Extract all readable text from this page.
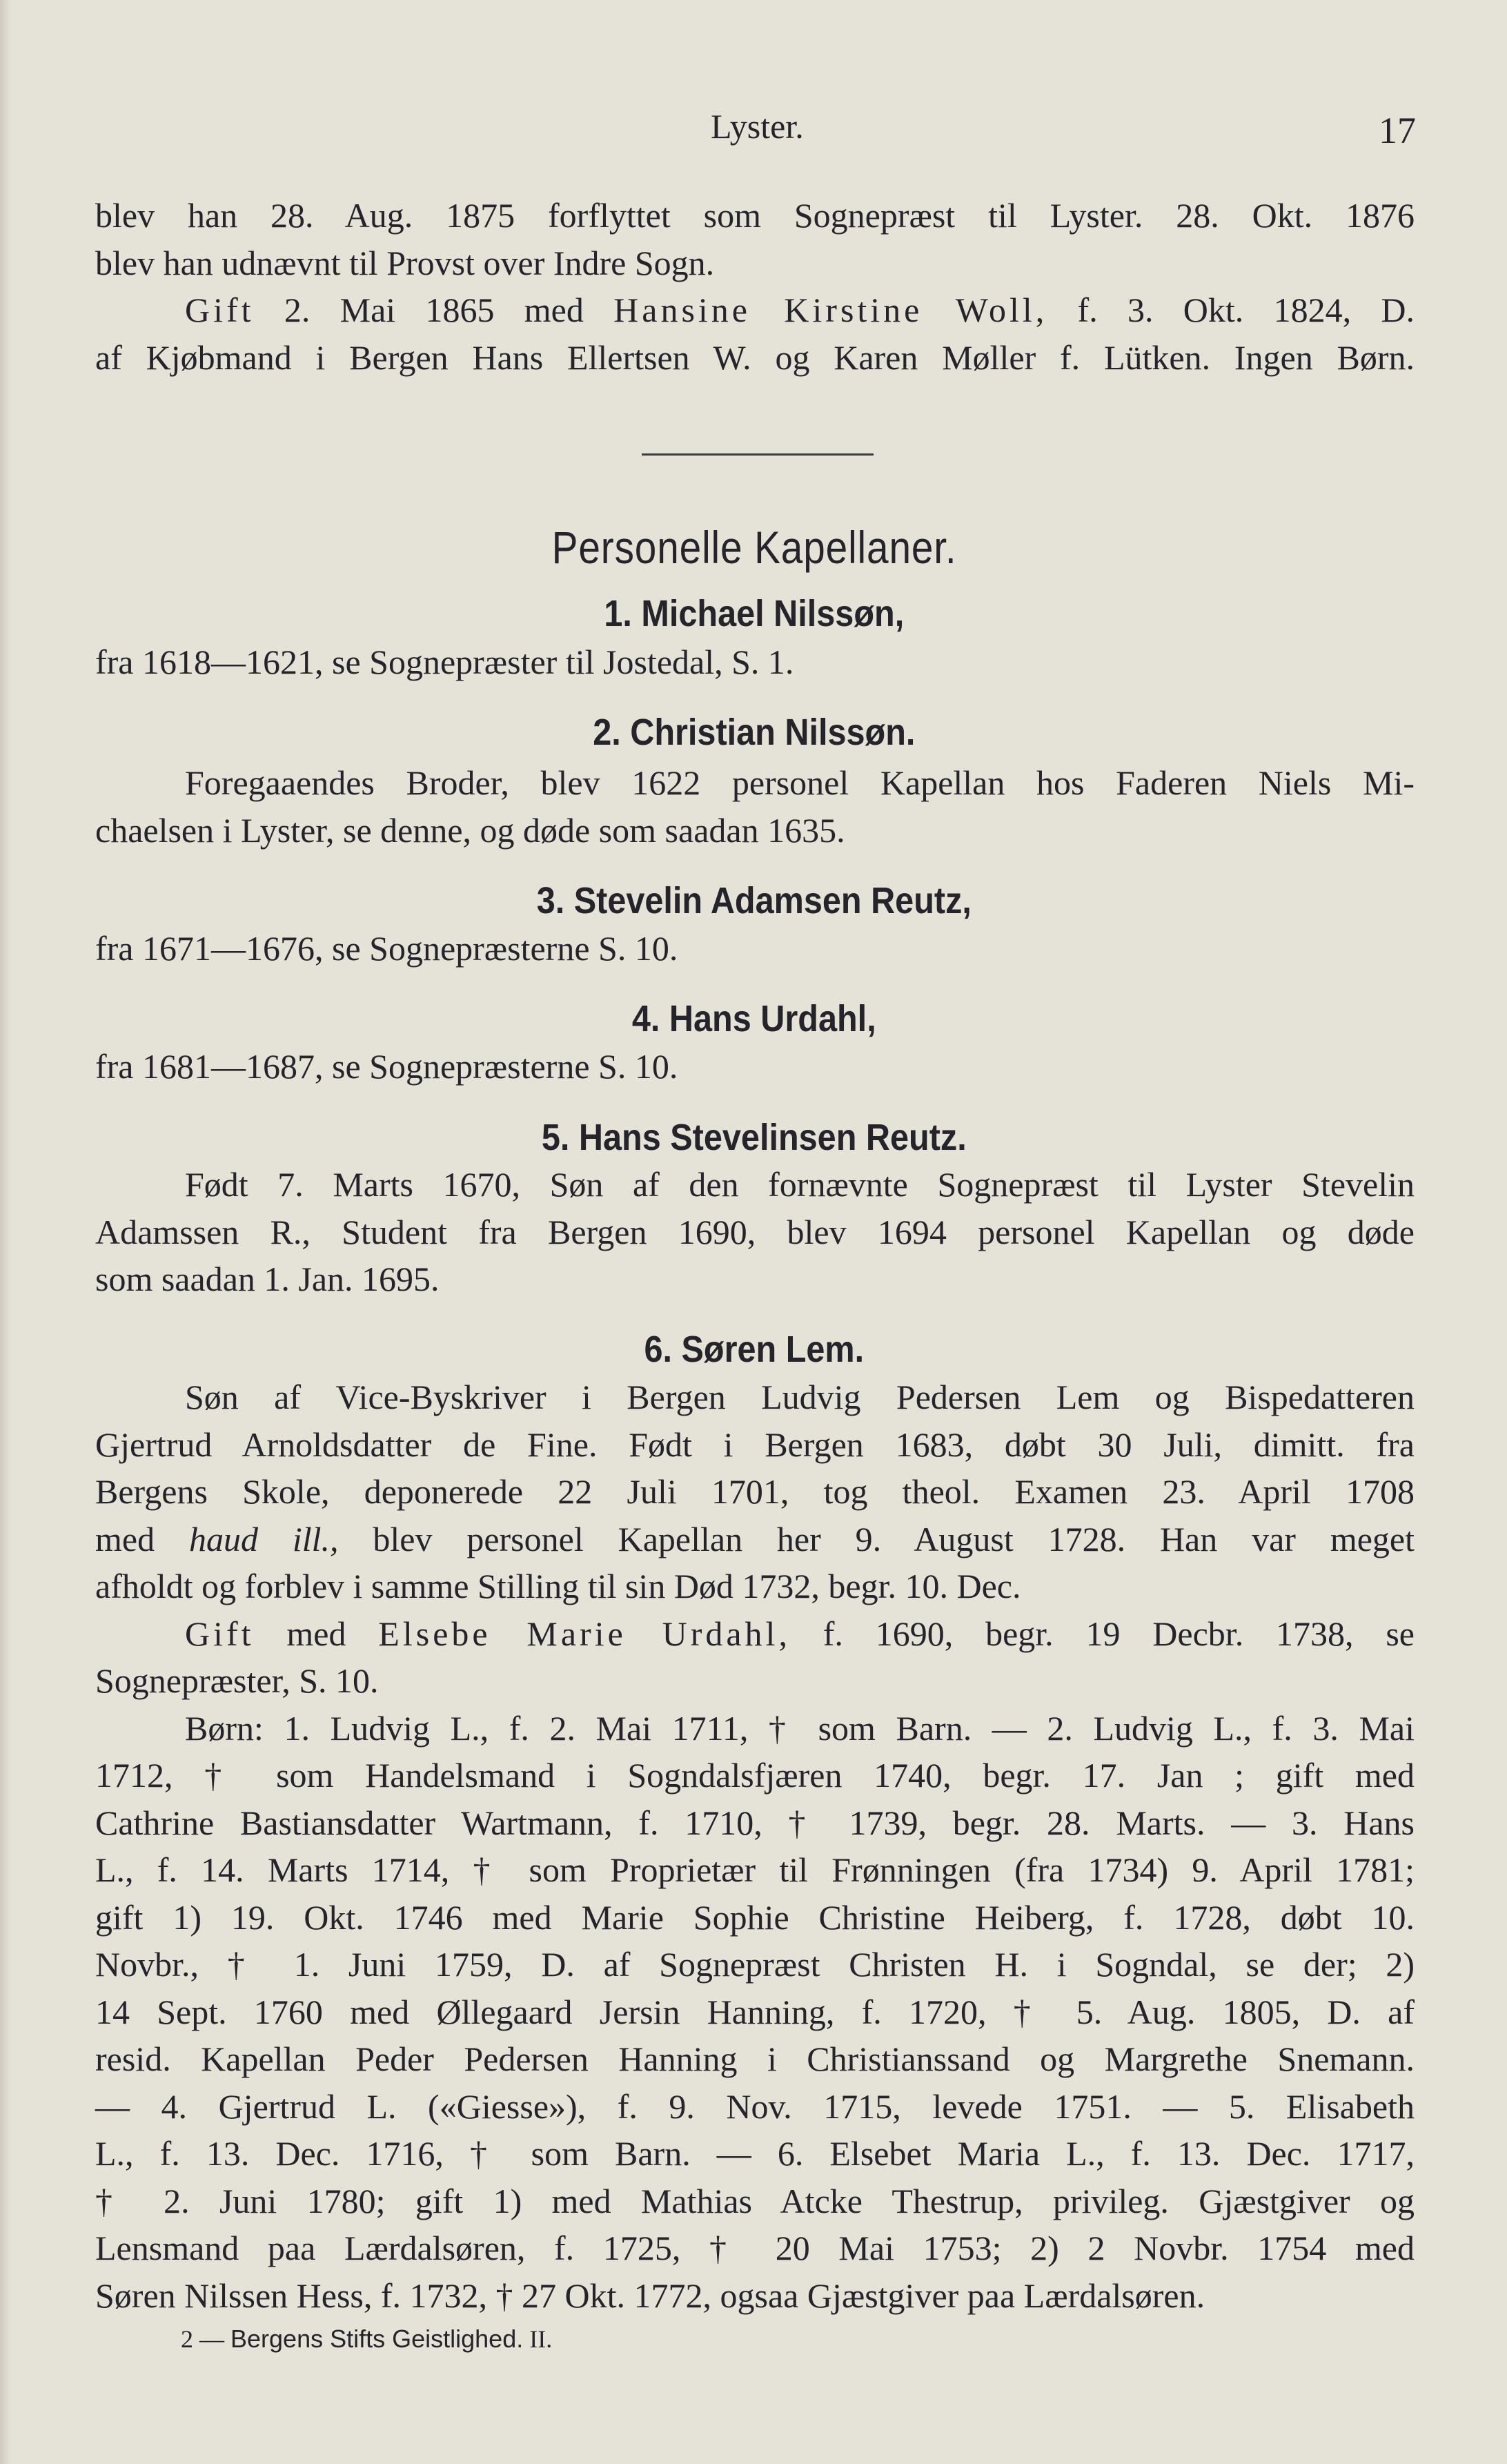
Lyster.	17

blev han 28. Aug. 1875 forflyttet som Sognepræst til Lyster. 28. Okt. 1876
blev han udnævnt til Provst over Indre Sogn.

Gift 2. Mai 1865 med Hansine Kirstine Woll, f. 3. Okt. 1824, D.
af Kjøbmand i Bergen Hans Ellertsen W. og Karen Møller f. Lütken. Ingen Børn.

Personelle Kapellaner.
1. Michael Nilssøn,
fra 1618—1621, se Sognepræster til Jostedal, S. 1.
2. Christian Nilssøn.

Foregaaendes Broder, blev 1622 personel Kapellan hos Faderen Niels Mi-
chaelsen i Lyster, se denne, og døde som saadan 1635.

3. Stevelin Adamsen Reutz,
fra 1671—1676, se Sognepræsterne S. 10.
4. Hans Urdahl,
fra 1681—1687, se Sognepræsterne S. 10.
5. Hans Stevelinsen Reutz.

Født 7. Marts 1670, Søn af den fornævnte Sognepræst til Lyster Stevelin
Adamssen R., Student fra Bergen 1690, blev 1694 personel Kapellan og døde
som saadan 1. Jan. 1695.

6. Søren Lem.

Søn af Vice-Byskriver i Bergen Ludvig Pedersen Lem og Bispedatteren
Gjertrud Arnoldsdatter de Fine. Født i Bergen 1683, døbt 30 Juli, dimitt. fra
Bergens Skole, deponerede 22 Juli 1701, tog theol. Examen 23. April 1708
med haud ill., blev personel Kapellan her 9. August 1728. Han var meget
afholdt og forblev i samme Stilling til sin Død 1732, begr. 10. Dec.

Gift med Elsebe Marie Urdahl, f. 1690, begr. 19 Decbr. 1738, se
Sognepræster, S. 10.

Børn: 1. Ludvig L., f. 2. Mai 1711, † som Barn. — 2. Ludvig L., f. 3. Mai
1712, † som Handelsmand i Sogndalsfjæren 1740, begr. 17. Jan ; gift med
Cathrine Bastiansdatter Wartmann, f. 1710, † 1739, begr. 28. Marts. — 3. Hans
L., f. 14. Marts 1714, † som Proprietær til Frønningen (fra 1734) 9. April 1781;
gift 1) 19. Okt. 1746 med Marie Sophie Christine Heiberg, f. 1728, døbt 10.
Novbr., † 1. Juni 1759, D. af Sognepræst Christen H. i Sogndal, se der; 2)
14 Sept. 1760 med Øllegaard Jersin Hanning, f. 1720, † 5. Aug. 1805, D. af
resid. Kapellan Peder Pedersen Hanning i Christianssand og Margrethe Snemann.
— 4. Gjertrud L. («Giesse»), f. 9. Nov. 1715, levede 1751. — 5. Elisabeth
L., f. 13. Dec. 1716, † som Barn. — 6. Elsebet Maria L., f. 13. Dec. 1717,
† 2. Juni 1780; gift 1) med Mathias Atcke Thestrup, privileg. Gjæstgiver og
Lensmand paa Lærdalsøren, f. 1725, † 20 Mai 1753; 2) 2 Novbr. 1754 med
Søren Nilssen Hess, f. 1732, † 27 Okt. 1772, ogsaa Gjæstgiver paa Lærdalsøren.

2 — Bergens Stifts Geistlighed. II.
